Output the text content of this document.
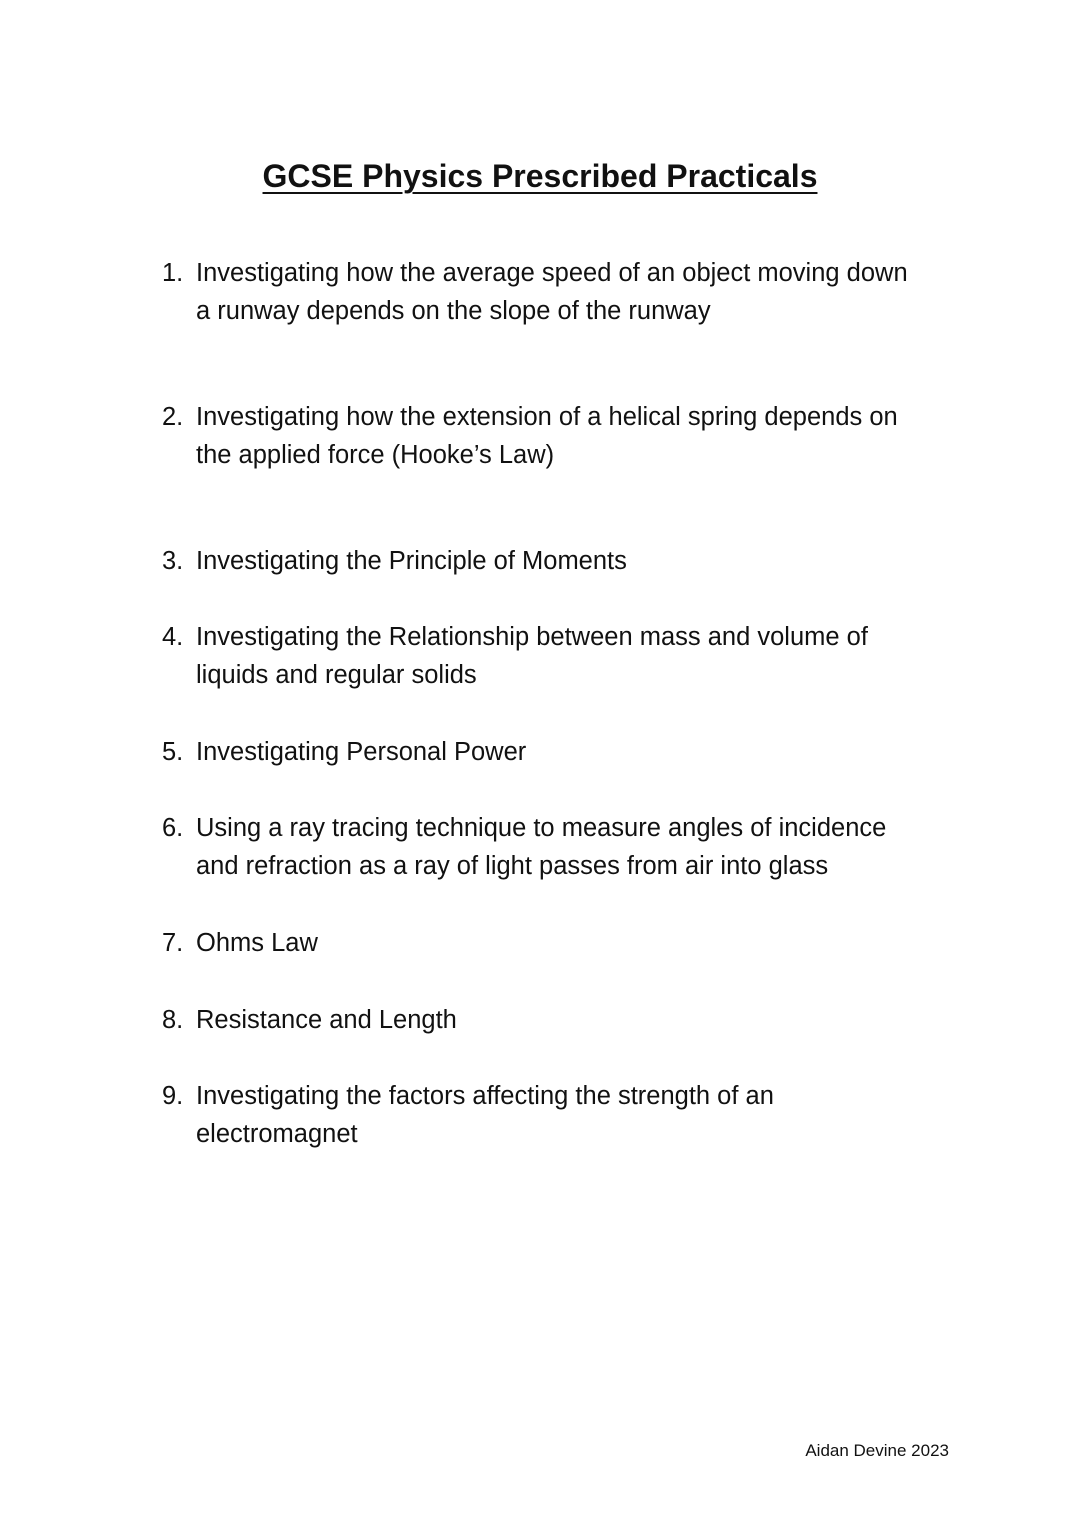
GCSE Physics Prescribed Practicals
1. Investigating how the average speed of an object moving down
a runway depends on the slope of the runway
2. Investigating how the extension of a helical spring depends on
the applied force (Hooke’s Law)
3. Investigating the Principle of Moments
4. Investigating the Relationship between mass and volume of
liquids and regular solids
5. Investigating Personal Power
6. Using a ray tracing technique to measure angles of incidence
and refraction as a ray of light passes from air into glass
7. Ohms Law
8. Resistance and Length
9. Investigating the factors affecting the strength of an
electromagnet
Aidan Devine 2023
